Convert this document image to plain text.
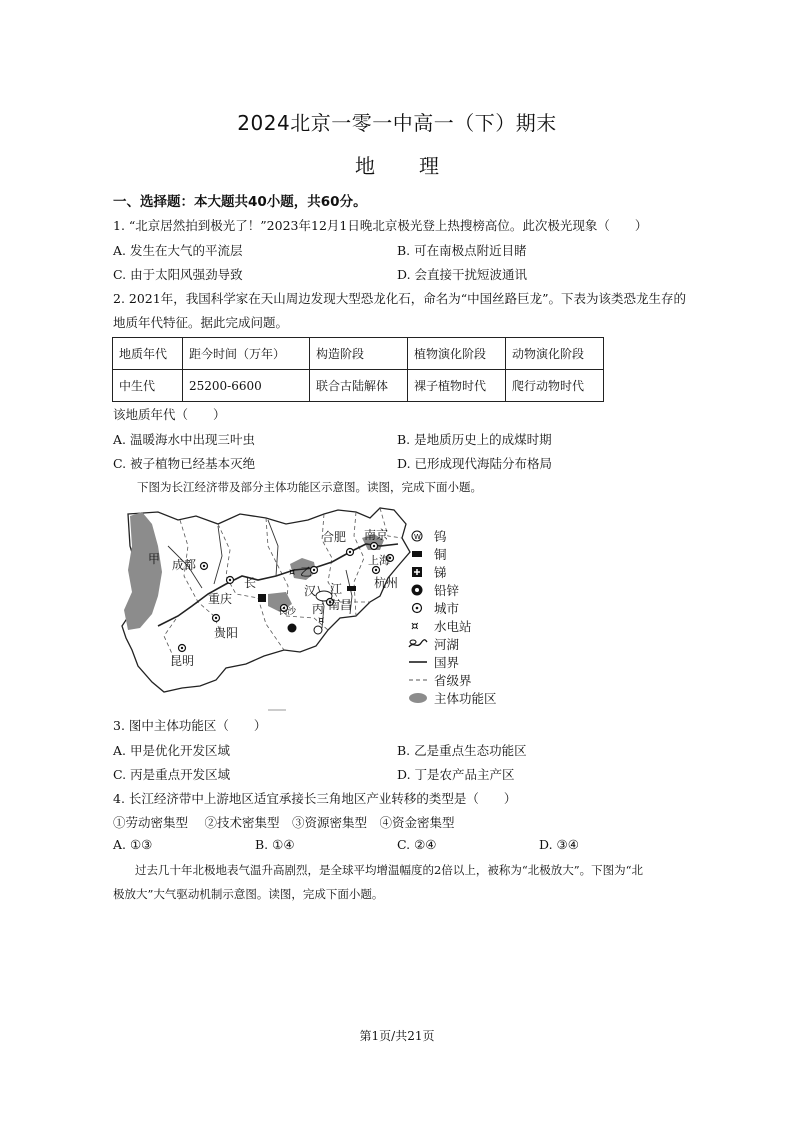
2024北京一零一中高一（下）期末
地理
一、选择题：本大题共40小题，共60分。
1. “北京居然拍到极光了！”2023年12月1日晚北京极光登上热搜榜高位。此次极光现象（　　）
A. 发生在大气的平流层	B. 可在南极点附近目睹
C. 由于太阳风强劲导致	D. 会直接干扰短波通讯
2. 2021年，我国科学家在天山周边发现大型恐龙化石，命名为“中国丝路巨龙”。下表为该类恐龙生存的
地质年代特征。据此完成问题。
地质年代	距今时间（万年）	构造阶段	植物演化阶段	动物演化阶段
中生代	25200-6600	联合古陆解体	裸子植物时代	爬行动物时代
该地质年代（　　）
A. 温暖海水中出现三叶虫	B. 是地质历史上的成煤时期
C. 被子植物已经基本灭绝	D. 已形成现代海陆分布格局
下图为长江经济带及部分主体功能区示意图。读图，完成下面小题。
¤
¤
甲
乙
成都
重庆
贵阳
昆明
合肥 南京
上海
杭州
南昌
长沙 丙
汉 江
长
W 钨
铜
锑
铅锌
城市
¤ 水电站
河湖
国界
省级界
主体功能区
3. 图中主体功能区（　　）
A. 甲是优化开发区域	B. 乙是重点生态功能区
C. 丙是重点开发区域	D. 丁是农产品主产区
4. 长江经济带中上游地区适宜承接长三角地区产业转移的类型是（　　）
①劳动密集型　 ②技术密集型　③资源密集型　④资金密集型
A. ①③	B. ①④	C. ②④	D. ③④
过去几十年北极地表气温升高剧烈，是全球平均增温幅度的2倍以上，被称为“北极放大”。下图为“北
极放大”大气驱动机制示意图。读图，完成下面小题。
第1页/共21页
